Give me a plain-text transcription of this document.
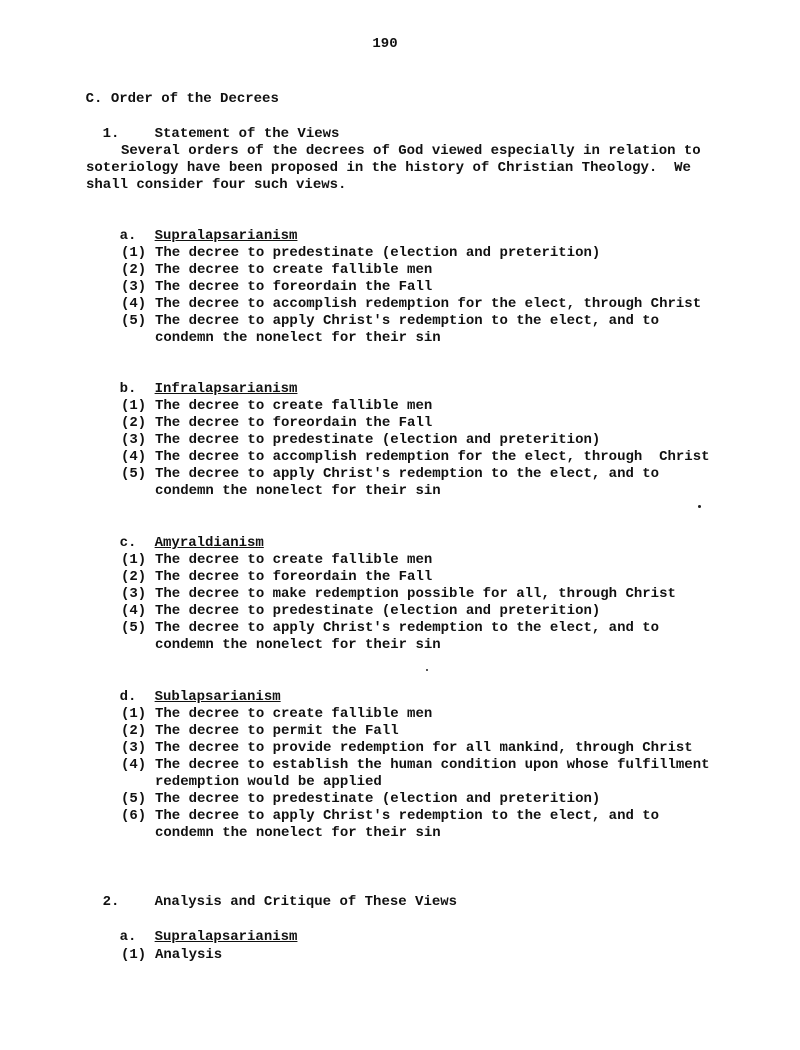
190

C. Order of the Decrees

1.	Statement of the Views

Several orders of the decrees of God viewed especially in relation to
soteriology have been proposed in the history of Christian Theology.  We
shall consider four such views.

a. Supralapsarianism

(1) The decree to predestinate (election and preterition)
(2) The decree to create fallible men
(3) The decree to foreordain the Fall
(4) The decree to accomplish redemption for the elect, through Christ
(5) The decree to apply Christ's redemption to the elect, and to
condemn the nonelect for their sin

b. Infralapsarianism

(1) The decree to create fallible men
(2) The decree to foreordain the Fall
(3) The decree to predestinate (election and preterition)
(4) The decree to accomplish redemption for the elect, through  Christ
(5) The decree to apply Christ's redemption to the elect, and to
condemn the nonelect for their sin

c. Amyraldianism

(1) The decree to create fallible men
(2) The decree to foreordain the Fall
(3) The decree to make redemption possible for all, through Christ
(4) The decree to predestinate (election and preterition)
(5) The decree to apply Christ's redemption to the elect, and to
condemn the nonelect for their sin

d. Sublapsarianism

(1) The decree to create fallible men
(2) The decree to permit the Fall
(3) The decree to provide redemption for all mankind, through Christ
(4) The decree to establish the human condition upon whose fulfillment
redemption would be applied
(5) The decree to predestinate (election and preterition)
(6) The decree to apply Christ's redemption to the elect, and to
condemn the nonelect for their sin

2.	Analysis and Critique of These Views

a. Supralapsarianism

(1) Analysis
